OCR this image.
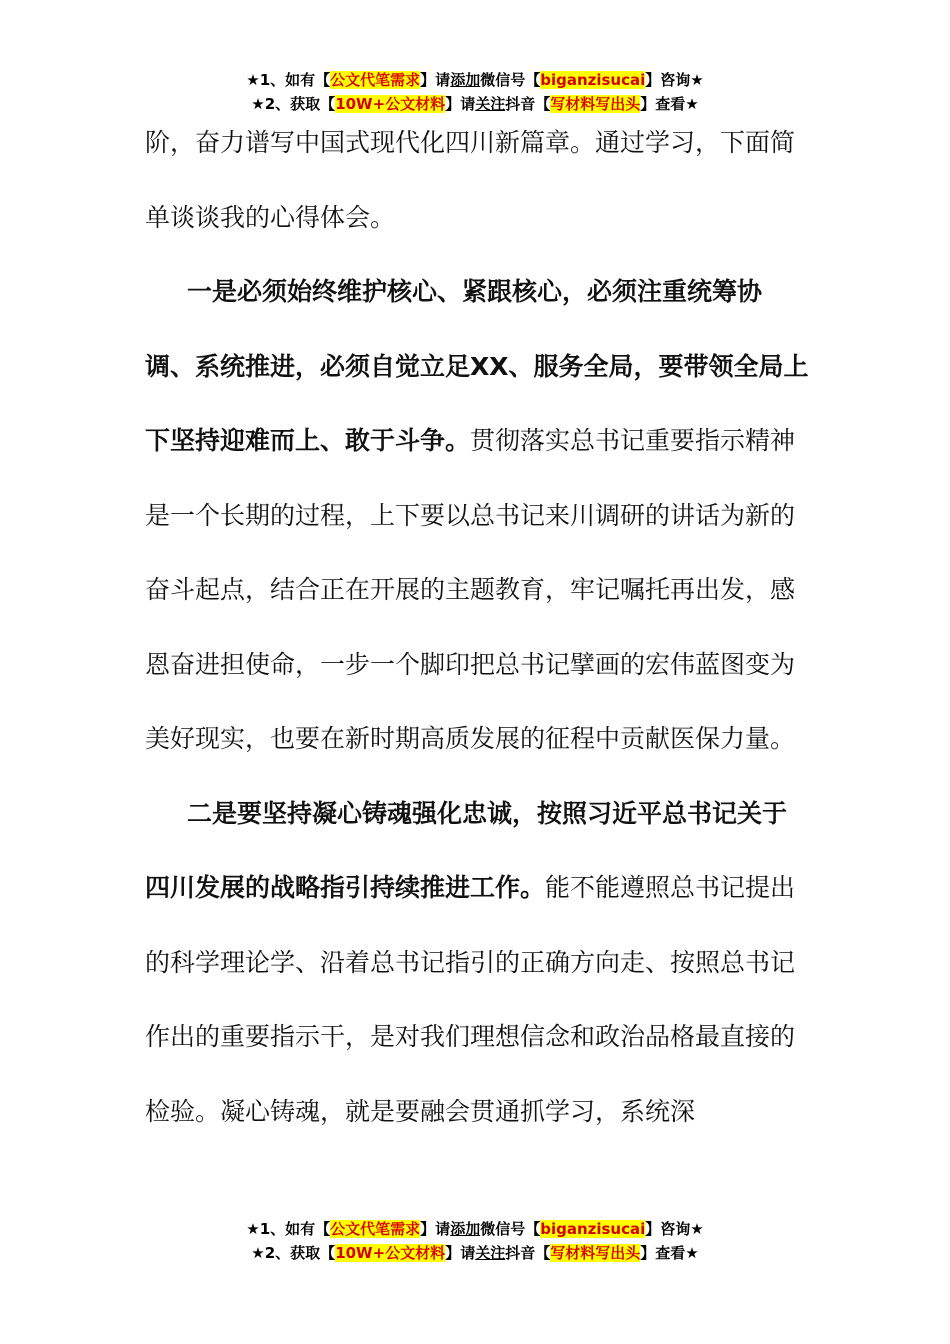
★1、如有【公文代笔需求】请添加微信号【biganzisucai】咨询★
★2、获取【10W+公文材料】请关注抖音【写材料写出头】查看★

阶，奋力谱写中国式现代化四川新篇章。通过学习，下面简单谈谈我的心得体会。

一是必须始终维护核心、紧跟核心，必须注重统筹协调、系统推进，必须自觉立足XX、服务全局，要带领全局上下坚持迎难而上、敢于斗争。贯彻落实总书记重要指示精神是一个长期的过程，上下要以总书记来川调研的讲话为新的奋斗起点，结合正在开展的主题教育，牢记嘱托再出发，感恩奋进担使命，一步一个脚印把总书记擘画的宏伟蓝图变为美好现实，也要在新时期高质发展的征程中贡献医保力量。

二是要坚持凝心铸魂强化忠诚，按照习近平总书记关于四川发展的战略指引持续推进工作。能不能遵照总书记提出的科学理论学、沿着总书记指引的正确方向走、按照总书记作出的重要指示干，是对我们理想信念和政治品格最直接的检验。凝心铸魂，就是要融会贯通抓学习，系统深

★1、如有【公文代笔需求】请添加微信号【biganzisucai】咨询★
★2、获取【10W+公文材料】请关注抖音【写材料写出头】查看★
